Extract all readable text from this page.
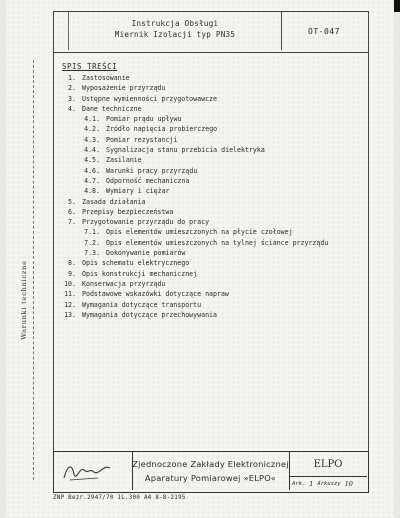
Instrukcja Obsługi
Miernik Izolacji typ PN35	OT-047
Warunki techniczne
SPIS TREŚCI
1. Zastosowanie
2. Wyposażenie przyrządu
3. Ustępne wymienności przygotowawcze
4. Dane techniczne
4.1. Pomiar prądu upływu
4.2. Źródło napięcia probierczego
4.3. Pomiar rezystancji
4.4. Sygnalizacja stanu przebicia dielektryka
4.5. Zasilanie
4.6. Warunki pracy przyrządu
4.7. Odporność mechaniczna
4.8. Wymiary i ciężar
5. Zasada działania
6. Przepisy bezpieczeństwa
7. Przygotowanie przyrządu do pracy
7.1. Opis elementów umieszczonych na płycie czołowej
7.2. Opis elementów umieszczonych na tylnej ściance przyrządu
7.3. Dokonywanie pomiarów
8. Opis schematu elektrycznego
9. Opis konstrukcji mechanicznej
10. Konserwacja przyrządu
11. Podstawowe wskazówki dotyczące napraw
12. Wymagania dotyczące transportu
13. Wymagania dotyczące przechowywania
Zjednoczone Zakłady Elektronicznej
Aparatury Pomiarowej »ELPO«
ELPO
Ark. 1 Arkuszy 10
ZNP Bezr.2947/70 1L.300 A4 8-8-2195
